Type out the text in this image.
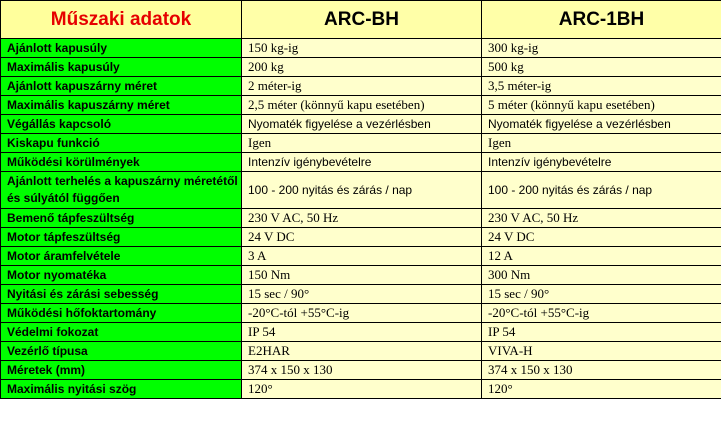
Műszaki adatok	ARC-BH	ARC-1BH
Ajánlott kapusúly	150 kg-ig	300 kg-ig
Maximális kapusúly	200 kg	500 kg
Ajánlott kapuszárny méret	2 méter-ig	3,5 méter-ig
Maximális kapuszárny méret	2,5 méter (könnyű kapu esetében)	5 méter (könnyű kapu esetében)
Végállás kapcsoló	Nyomaték figyelése a vezérlésben	Nyomaték figyelése a vezérlésben
Kiskapu funkció	Igen	Igen
Működési körülmények	Intenzív igénybevételre	Intenzív igénybevételre
Ajánlott terhelés a kapuszárny méretétől és súlyától függően	100 - 200 nyitás és zárás / nap	100 - 200 nyitás és zárás / nap
Bemenő tápfeszültség	230 V AC, 50 Hz	230 V AC, 50 Hz
Motor tápfeszültség	24 V DC	24 V DC
Motor áramfelvétele	3 A	12 A
Motor nyomatéka	150 Nm	300 Nm
Nyitási és zárási sebesség	15 sec / 90°	15 sec / 90°
Működési hőfoktartomány	-20°C-tól +55°C-ig	-20°C-tól +55°C-ig
Védelmi fokozat	IP 54	IP 54
Vezérlő típusa	E2HAR	VIVA-H
Méretek (mm)	374 x 150 x 130	374 x 150 x 130
Maximális nyitási szög	120°	120°
